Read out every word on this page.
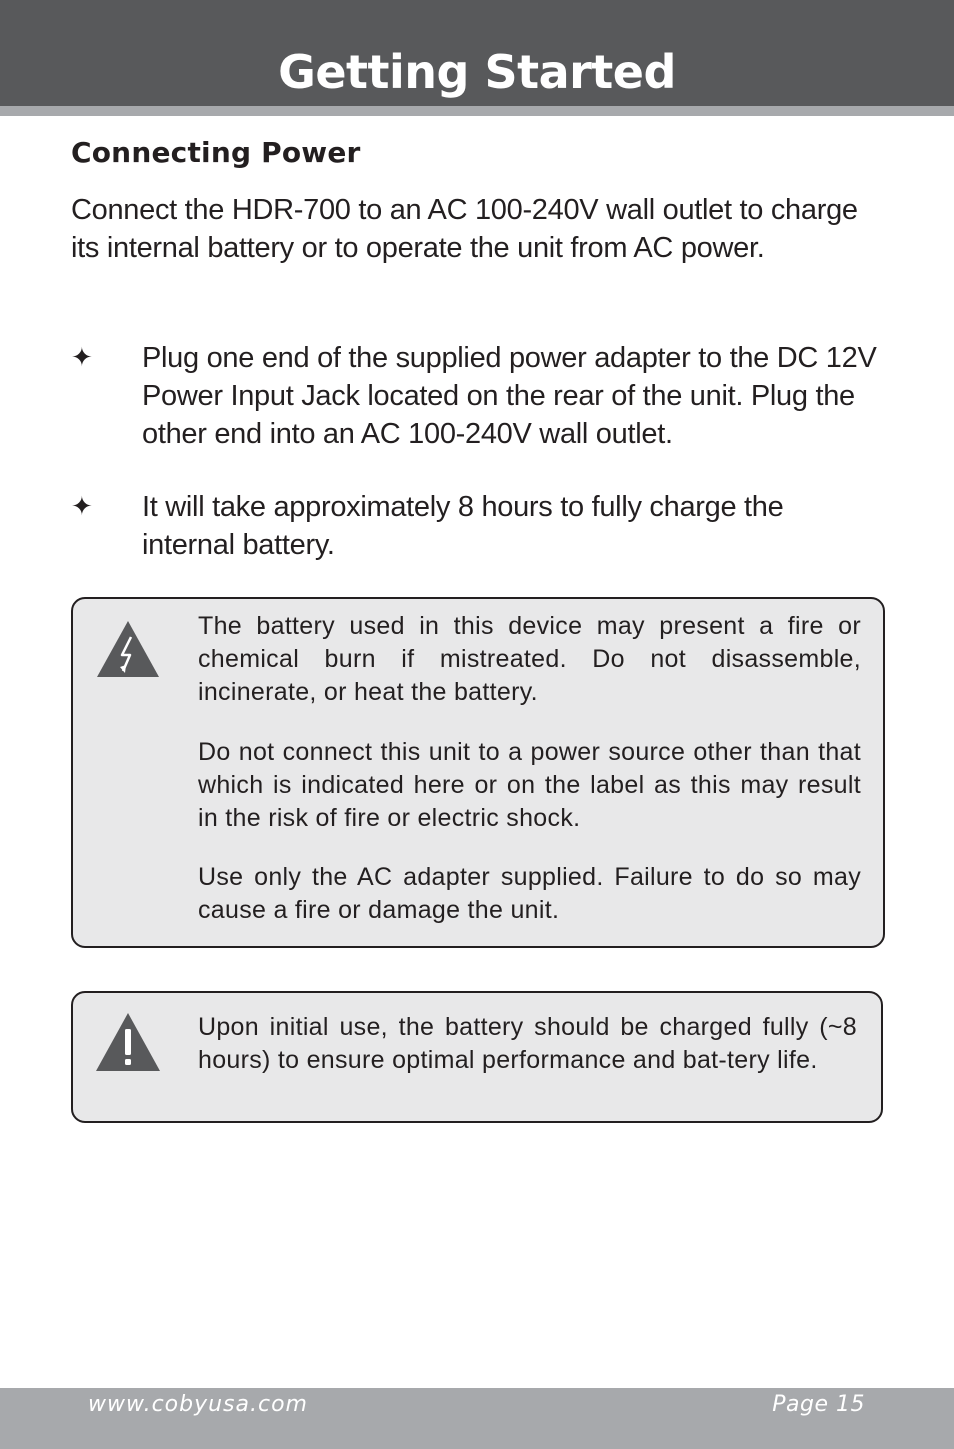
Getting Started
Connecting Power
Connect the HDR-700 to an AC 100-240V wall outlet to charge its internal battery or to operate the unit from AC power.
✦ Plug one end of the supplied power adapter to the DC 12V Power Input Jack located on the rear of the unit. Plug the other end into an AC 100-240V wall outlet.
✦ It will take approximately 8 hours to fully charge the internal battery.
The battery used in this device may present a fire or chemical burn if mistreated. Do not disassemble, incinerate, or heat the battery.
Do not connect this unit to a power source other than that which is indicated here or on the label as this may result in the risk of fire or electric shock.
Use only the AC adapter supplied. Failure to do so may cause a fire or damage the unit.
Upon initial use, the battery should be charged fully (~8 hours) to ensure optimal performance and bat-tery life.
www.cobyusa.com	Page 15
